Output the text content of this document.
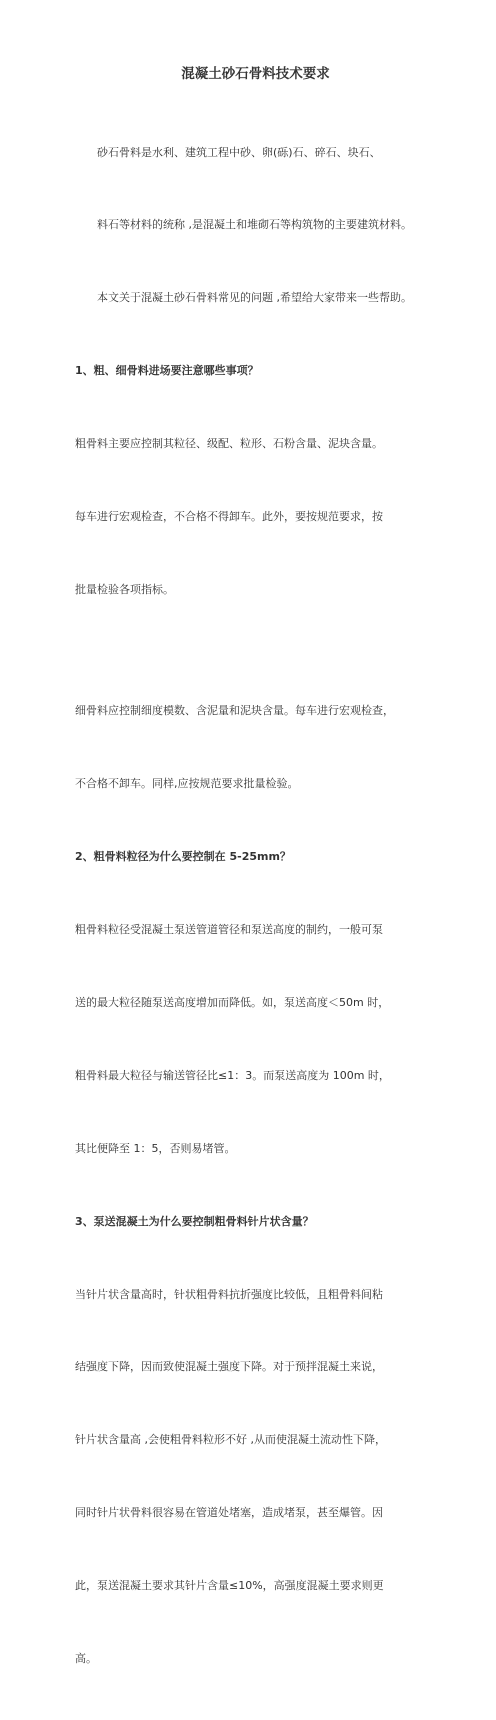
混凝土砂石骨料技术要求

砂石骨料是水利、建筑工程中砂、卵(砾)石、碎石、块石、

料石等材料的统称 ,是混凝土和堆砌石等构筑物的主要建筑材料。

本文关于混凝土砂石骨料常见的问题 ,希望给大家带来一些帮助。

1、粗、细骨料进场要注意哪些事项？

粗骨料主要应控制其粒径、级配、粒形、石粉含量、泥块含量。

每车进行宏观检查，不合格不得卸车。此外，要按规范要求，按

批量检验各项指标。

细骨料应控制细度模数、含泥量和泥块含量。每车进行宏观检查，

不合格不卸车。同样,应按规范要求批量检验。

2、粗骨料粒径为什么要控制在 5-25mm？

粗骨料粒径受混凝土泵送管道管径和泵送高度的制约，一般可泵

送的最大粒径随泵送高度增加而降低。如，泵送高度＜50m 时，

粗骨料最大粒径与输送管径比≤1：3。而泵送高度为 100m 时，

其比便降至 1：5，否则易堵管。

3、泵送混凝土为什么要控制粗骨料针片状含量？

当针片状含量高时，针状粗骨料抗折强度比较低，且粗骨料间粘

结强度下降，因而致使混凝土强度下降。对于预拌混凝土来说，

针片状含量高 ,会使粗骨料粒形不好 ,从而使混凝土流动性下降，

同时针片状骨料很容易在管道处堵塞，造成堵泵，甚至爆管。因

此，泵送混凝土要求其针片含量≤10%，高强度混凝土要求则更

高。
